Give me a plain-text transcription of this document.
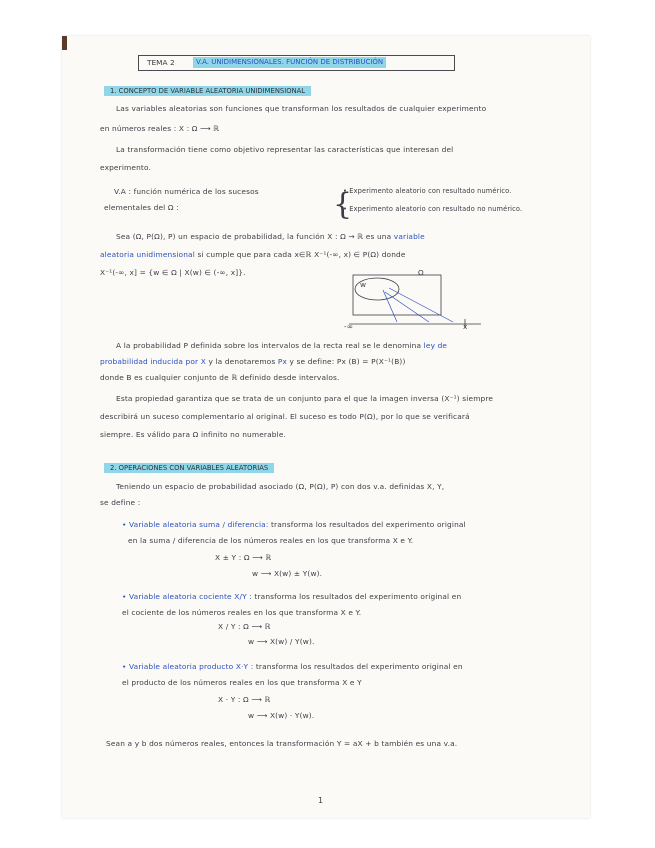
TEMA 2	V.A. UNIDIMENSIONALES. FUNCIÓN DE DISTRIBUCIÓN
1. CONCEPTO DE VARIABLE ALEATORIA UNIDIMENSIONAL
Las variables aleatorias son funciones que transforman los resultados de cualquier experimento
en números reales : X : Ω ⟶ ℝ
La transformación tiene como objetivo representar las características que interesan del
experimento.
V.A : función numérica de los sucesos
elementales del Ω :	{
• Experimento aleatorio con resultado numérico.
• Experimento aleatorio con resultado no numérico.
Sea (Ω, P(Ω), P) un espacio de probabilidad, la función X : Ω → ℝ es una variable
aleatoria unidimensional si cumple que para cada x∈ℝ X⁻¹(-∞, x) ∈ P(Ω) donde
X⁻¹(-∞, x] = {w ∈ Ω | X(w) ∈ (-∞, x]}.	Ω
w
-∞	x
A la probabilidad P definida sobre los intervalos de la recta real se le denomina ley de
probabilidad inducida por X y la denotaremos Px y se define: Px (B) = P(X⁻¹(B))
donde B es cualquier conjunto de ℝ definido desde intervalos.
Esta propiedad garantiza que se trata de un conjunto para el que la imagen inversa (X⁻¹) siempre
describirá un suceso complementario al original. El suceso es todo P(Ω), por lo que se verificará
siempre. Es válido para Ω infinito no numerable.
2. OPERACIONES CON VARIABLES ALEATORIAS
Teniendo un espacio de probabilidad asociado (Ω, P(Ω), P) con dos v.a. definidas X, Y,
se define :
• Variable aleatoria suma / diferencia: transforma los resultados del experimento original
en la suma / diferencia de los números reales en los que transforma X e Y.
X ± Y : Ω ⟶ ℝ
w ⟶ X(w) ± Y(w).
• Variable aleatoria cociente X/Y : transforma los resultados del experimento original en
el cociente de los números reales en los que transforma X e Y.
X / Y : Ω ⟶ ℝ
w ⟶ X(w) / Y(w).
• Variable aleatoria producto X·Y : transforma los resultados del experimento original en
el producto de los números reales en los que transforma X e Y
X · Y : Ω ⟶ ℝ
w ⟶ X(w) · Y(w).
Sean a y b dos números reales, entonces la transformación Y = aX + b también es una v.a.
1
